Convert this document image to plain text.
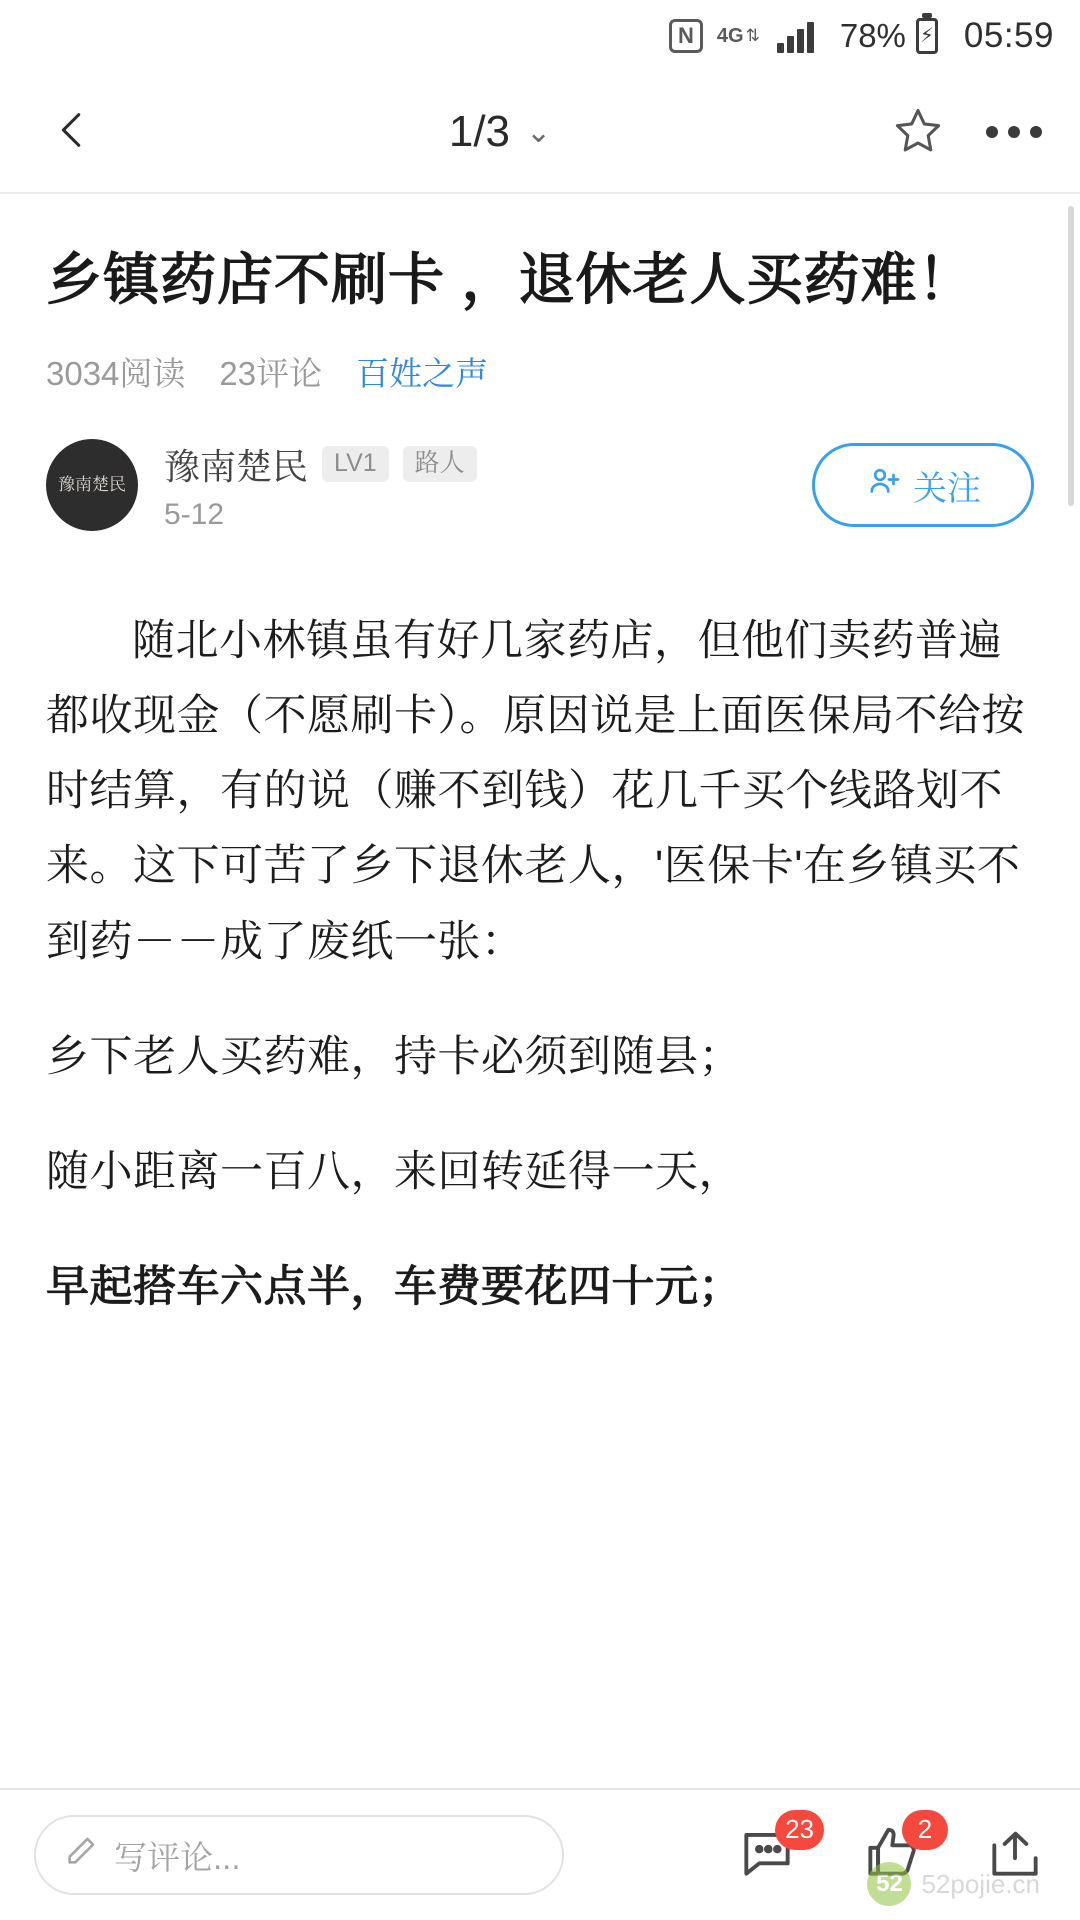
N	4G ⇅ 78% ⚡ 05:59
1/3 ⌄
乡镇药店不刷卡 ，退休老人买药难！
3034阅读 23评论 百姓之声
豫南楚民	豫南楚民	LV1	路人
5-12
关注

随北小林镇虽有好几家药店，但他们卖药普遍都收现金（不愿刷卡）。原因说是上面医保局不给按时结算，有的说（赚不到钱）花几千买个线路划不来。这下可苦了乡下退休老人，'医保卡'在乡镇买不到药－－成了废纸一张：

乡下老人买药难，持卡必须到随县；

随小距离一百八，来回转延得一天，

早起搭车六点半，车费要花四十元；

写评论...
23	2
52 52pojie.cn
